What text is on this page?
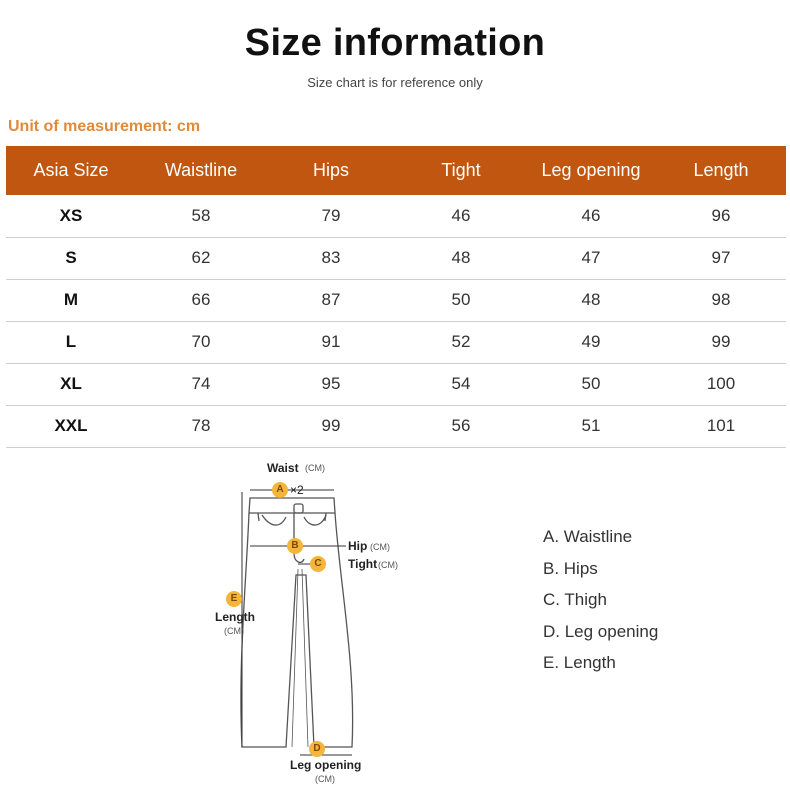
Size information
Size chart is for reference only
Unit of measurement: cm
Asia Size	Waistline	Hips	Tight	Leg opening	Length
XS	58	79	46	46	96
S	62	83	48	47	97
M	66	87	50	48	98
L	70	91	52	49	99
XL	74	95	54	50	100
XXL	78	99	56	51	101
Waist (CM)
A ×2
B	Hip (CM)
C	Tight (CM)
E
Length
(CM)
D
Leg opening
(CM)
A. Waistline
B. Hips
C. Thigh
D. Leg opening
E. Length
